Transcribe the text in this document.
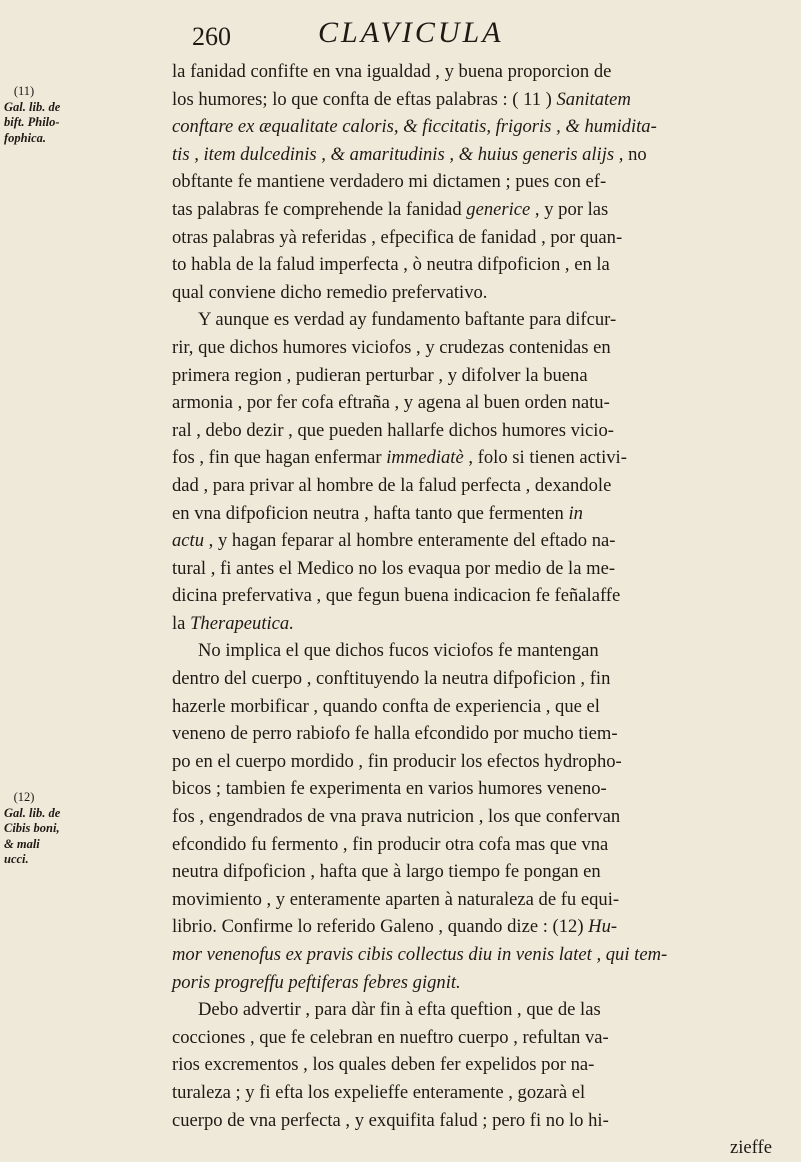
260	CLAVICULA
(11)
Gal. lib. de
bift. Philo-
fophica.
(12)
Gal. lib. de
Cibis boni,
& mali
ucci.
la fanidad confifte en vna igualdad , y buena proporcion de
los humores; lo que confta de eftas palabras : ( 11 ) Sanitatem
conftare ex æqualitate caloris, & ficcitatis, frigoris , & humidita-
tis , item dulcedinis , & amaritudinis , & huius generis alijs , no
obftante fe mantiene verdadero mi dictamen ; pues con ef-
tas palabras fe comprehende la fanidad generice , y por las
otras palabras yà referidas , efpecifica de fanidad , por quan-
to habla de la falud imperfecta , ò neutra difpoficion , en la
qual conviene dicho remedio prefervativo.
Y aunque es verdad ay fundamento baftante para difcur-
rir, que dichos humores viciofos , y crudezas contenidas en
primera region , pudieran perturbar , y difolver la buena
armonia , por fer cofa eftraña , y agena al buen orden natu-
ral , debo dezir , que pueden hallarfe dichos humores vicio-
fos , fin que hagan enfermar immediatè , folo si tienen activi-
dad , para privar al hombre de la falud perfecta , dexandole
en vna difpoficion neutra , hafta tanto que fermenten in
actu , y hagan feparar al hombre enteramente del eftado na-
tural , fi antes el Medico no los evaqua por medio de la me-
dicina prefervativa , que fegun buena indicacion fe feñalaffe
la Therapeutica.
No implica el que dichos fucos viciofos fe mantengan
dentro del cuerpo , conftituyendo la neutra difpoficion , fin
hazerle morbificar , quando confta de experiencia , que el
veneno de perro rabiofo fe halla efcondido por mucho tiem-
po en el cuerpo mordido , fin producir los efectos hydropho-
bicos ; tambien fe experimenta en varios humores veneno-
fos , engendrados de vna prava nutricion , los que confervan
efcondido fu fermento , fin producir otra cofa mas que vna
neutra difpoficion , hafta que à largo tiempo fe pongan en
movimiento , y enteramente aparten à naturaleza de fu equi-
librio. Confirme lo referido Galeno , quando dize : (12) Hu-
mor venenofus ex pravis cibis collectus diu in venis latet , qui tem-
poris progreffu peftiferas febres gignit.
Debo advertir , para dàr fin à efta queftion , que de las
cocciones , que fe celebran en nueftro cuerpo , refultan va-
rios excrementos , los quales deben fer expelidos por na-
turaleza ; y fi efta los expelieffe enteramente , gozarà el
cuerpo de vna perfecta , y exquifita falud ; pero fi no lo hi-
zieffe
